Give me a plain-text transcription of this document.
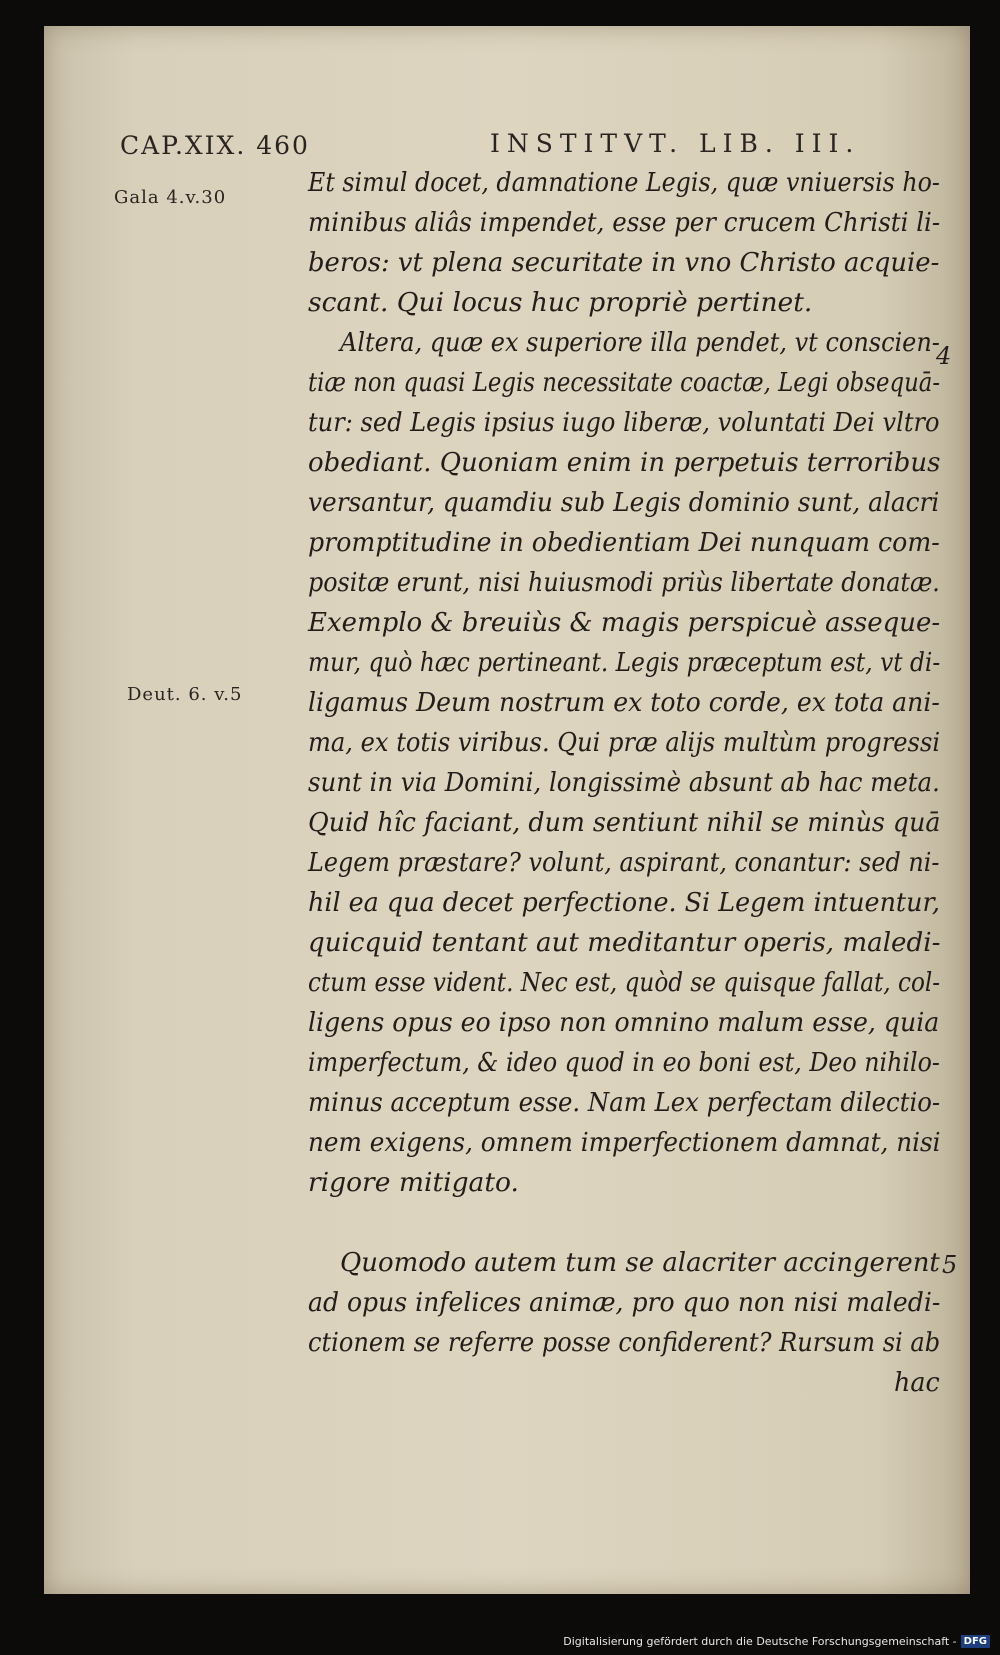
CAP.XIX. 460	INSTITVT. LIB. III.
Gala 4.v.30
Deut. 6. v.5
4
5
Et simul docet, damnatione Legis, quæ vniuersis ho-
minibus aliâs impendet, esse per crucem Christi li-
beros: vt plena securitate in vno Christo acquie-
scant. Qui locus huc propriè pertinet.
Altera, quæ ex superiore illa pendet, vt conscien-
tiæ non quasi Legis necessitate coactæ, Legi obsequā-
tur: sed Legis ipsius iugo liberæ, voluntati Dei vltro
obediant. Quoniam enim in perpetuis terroribus
versantur, quamdiu sub Legis dominio sunt, alacri
promptitudine in obedientiam Dei nunquam com-
positæ erunt, nisi huiusmodi priùs libertate donatæ.
Exemplo & breuiùs & magis perspicuè assequе-
mur, quò hæc pertineant. Legis præceptum est, vt di-
ligamus Deum nostrum ex toto corde, ex tota ani-
ma, ex totis viribus. Qui præ alijs multùm progressi
sunt in via Domini, longissimè absunt ab hac meta.
Quid hîc faciant, dum sentiunt nihil se minùs quā
Legem præstare? volunt, aspirant, conantur: sed ni-
hil ea qua decet perfectione. Si Legem intuentur,
quicquid tentant aut meditantur operis, maledi-
ctum esse vident. Nec est, quòd se quisque fallat, col-
ligens opus eo ipso non omnino malum esse, quia
imperfectum, & ideo quod in eo boni est, Deo nihilo-
minus acceptum esse. Nam Lex perfectam dilectio-
nem exigens, omnem imperfectionem damnat, nisi
rigore mitigato.
Quomodo autem tum se alacriter accingerent
ad opus infelices animæ, pro quo non nisi maledi-
ctionem se referre posse confiderent? Rursum si ab
hac
Digitalisierung gefördert durch die Deutsche Forschungsgemeinschaft - DFG
